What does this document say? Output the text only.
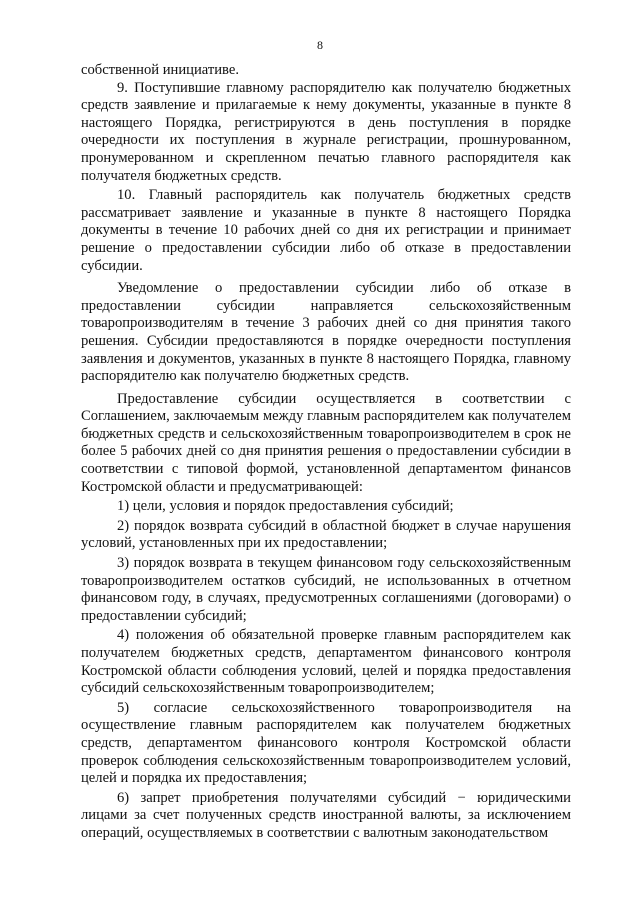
8

собственной инициативе.

9. Поступившие главному распорядителю как получателю бюджетных средств заявление и прилагаемые к нему документы, указанные в пункте 8 настоящего Порядка, регистрируются в день поступления в порядке очередности их поступления в журнале регистрации, прошнурованном, пронумерованном и скрепленном печатью главного распорядителя как получателя бюджетных средств.

10. Главный распорядитель как получатель бюджетных средств рассматривает заявление и указанные в пункте 8 настоящего Порядка документы в течение 10 рабочих дней со дня их регистрации и принимает решение о предоставлении субсидии либо об отказе в предоставлении субсидии.

Уведомление о предоставлении субсидии либо об отказе в предоставлении субсидии направляется сельскохозяйственным товаропроизводителям в течение 3 рабочих дней со дня принятия такого решения. Субсидии предоставляются в порядке очередности поступления заявления и документов, указанных в пункте 8 настоящего Порядка, главному распорядителю как получателю бюджетных средств.

Предоставление субсидии осуществляется в соответствии с Соглашением, заключаемым между главным распорядителем как получателем бюджетных средств и сельскохозяйственным товаропроизводителем в срок не более 5 рабочих дней со дня принятия решения о предоставлении субсидии в соответствии с типовой формой, установленной департаментом финансов Костромской области и предусматривающей:

1) цели, условия и порядок предоставления субсидий;

2) порядок возврата субсидий в областной бюджет в случае нарушения условий, установленных при их предоставлении;

3) порядок возврата в текущем финансовом году сельскохозяйственным товаропроизводителем остатков субсидий, не использованных в отчетном финансовом году, в случаях, предусмотренных соглашениями (договорами) о предоставлении субсидий;

4) положения об обязательной проверке главным распорядителем как получателем бюджетных средств, департаментом финансового контроля Костромской области соблюдения условий, целей и порядка предоставления субсидий сельскохозяйственным товаропроизводителем;

5) согласие сельскохозяйственного товаропроизводителя на осуществление главным распорядителем как получателем бюджетных средств, департаментом финансового контроля Костромской области проверок соблюдения сельскохозяйственным товаропроизводителем условий, целей и порядка их предоставления;

6) запрет приобретения получателями субсидий − юридическими лицами за счет полученных средств иностранной валюты, за исключением операций, осуществляемых в соответствии с валютным законодательством
